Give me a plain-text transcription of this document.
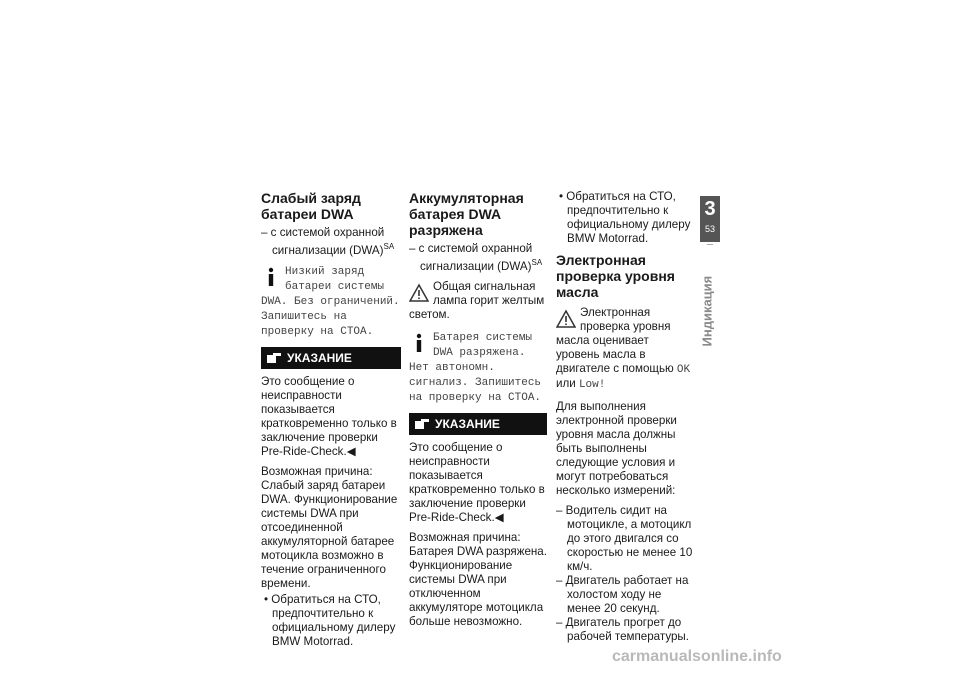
Слабый заряд батареи DWA

– с системой охранной сигнализации (DWA)$^{SA}$

Низкий заряд батареи системы DWA. Без ограничений. Запишитесь на проверку на СТОА.
УКАЗАНИЕ

Это сообщение о неисправности показывается кратковременно только в заключение проверки Pre-Ride-Check.◀

Возможная причина:

Слабый заряд батареи DWA. Функционирование системы DWA при отсоединенной аккумуляторной батарее мотоцикла возможно в течение ограниченного времени.

• Обратиться на СТО, предпочтительно к официальному дилеру BMW Motorrad.

Аккумуляторная батарея DWA разряжена

– с системой охранной сигнализации (DWA)$^{SA}$

Общая сигнальная лампа горит желтым светом.
Батарея системы DWA разряжена. Нет автономн. сигнализ. Запишитесь на проверку на СТОА.
УКАЗАНИЕ

Это сообщение о неисправности показывается кратковременно только в заключение проверки Pre-Ride-Check.◀

Возможная причина:

Батарея DWA разряжена. Функционирование системы DWA при отключенном аккумуляторе мотоцикла больше невозможно.

• Обратиться на СТО, предпочтительно к официальному дилеру BMW Motorrad.

Электронная проверка уровня масла
Электронная проверка уровня масла оценивает уровень масла в двигателе с помощью OK или Low!

Для выполнения электронной проверки уровня масла должны быть выполнены следующие условия и могут потребоваться несколько измерений:

– Водитель сидит на мотоцикле, а мотоцикл до этого двигался со скоростью не менее 10 км/ч.

– Двигатель работает на холостом ходу не менее 20 секунд.

– Двигатель прогрет до рабочей температуры.

3
53
Индикация
carmanualsonline.info
